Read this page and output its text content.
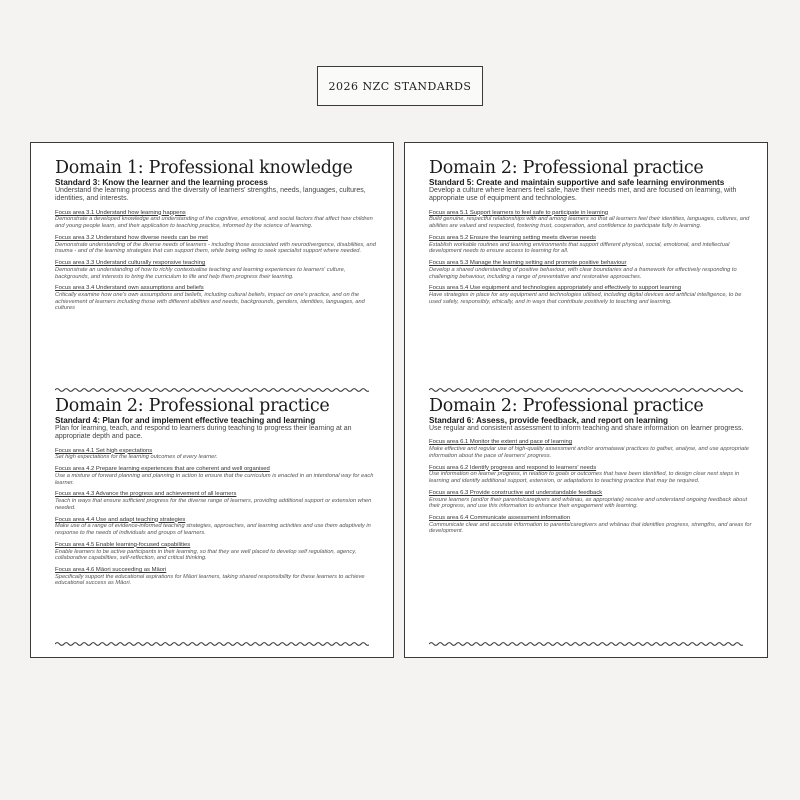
2026 NZC STANDARDS
Domain 1: Professional knowledge
Standard 3: Know the learner and the learning process
Understand the learning process and the diversity of learners' strengths, needs, languages, cultures, identities, and interests.
Focus area 3.1 Understand how learning happens
Demonstrate a developed knowledge and understanding of the cognitive, emotional, and social factors that affect how children and young people learn, and their application to teaching practice, informed by the science of learning.
Focus area 3.2 Understand how diverse needs can be met
Demonstrate understanding of the diverse needs of learners - including those associated with neurodivergence, disabilities, and trauma - and of the learning strategies that can support them, while being willing to seek specialist support where needed.
Focus area 3.3 Understand culturally responsive teaching
Demonstrate an understanding of how to richly contextualise teaching and learning experiences to learners' culture, backgrounds, and interests to bring the curriculum to life and help them progress their learning.
Focus area 3.4 Understand own assumptions and beliefs
Critically examine how one's own assumptions and beliefs, including cultural beliefs, impact on one's practice, and on the achievement of learners including those with different abilities and needs, backgrounds, genders, identities, languages, and cultures
Domain 2: Professional practice
Standard 4: Plan for and implement effective teaching and learning
Plan for learning, teach, and respond to learners during teaching to progress their learning at an appropriate depth and pace.
Focus area 4.1 Set high expectations
Set high expectations for the learning outcomes of every learner.
Focus area 4.2 Prepare learning experiences that are coherent and well organised
Use a mixture of forward planning and planning in action to ensure that the curriculum is enacted in an intentional way for each learner.
Focus area 4.3 Advance the progress and achievement of all learners
Teach in ways that ensure sufficient progress for the diverse range of learners, providing additional support or extension when needed.
Focus area 4.4 Use and adapt teaching strategies
Make use of a range of evidence-informed teaching strategies, approaches, and learning activities and use them adaptively in response to the needs of individuals and groups of learners.
Focus area 4.5 Enable learning-focused capabilities
Enable learners to be active participants in their learning, so that they are well placed to develop self regulation, agency, collaborative capabilities, self-reflection, and critical thinking.
Focus area 4.6 Māori succeeding as Māori
Specifically support the educational aspirations for Māori learners, taking shared responsibility for these learners to achieve educational success as Māori.
Domain 2: Professional practice
Standard 5: Create and maintain supportive and safe learning environments
Develop a culture where learners feel safe, have their needs met, and are focused on learning, with appropriate use of equipment and technologies.
Focus area 5.1 Support learners to feel safe to participate in learning
Build genuine, respectful relationships with and among learners so that all learners feel their identities, languages, cultures, and abilities are valued and respected, fostering trust, cooperation, and confidence to participate fully in learning.
Focus area 5.2 Ensure the learning setting meets diverse needs
Establish workable routines and learning environments that support different physical, social, emotional, and intellectual development needs to ensure access to learning for all.
Focus area 5.3 Manage the learning setting and promote positive behaviour
Develop a shared understanding of positive behaviour, with clear boundaries and a framework for effectively responding to challenging behaviour, including a range of preventative and restorative approaches.
Focus area 5.4 Use equipment and technologies appropriately and effectively to support learning
Have strategies in place for any equipment and technologies utilised, including digital devices and artificial intelligence, to be used safely, responsibly, ethically, and in ways that contribute positively to teaching and learning.
Domain 2: Professional practice
Standard 6: Assess, provide feedback, and report on learning
Use regular and consistent assessment to inform teaching and share information on learner progress.
Focus area 6.1 Monitor the extent and pace of learning
Make effective and regular use of high-quality assessment and/or aromatawai practices to gather, analyse, and use appropriate information about the pace of learners' progress.
Focus area 6.2 Identify progress and respond to learners' needs
Use information on learner progress, in relation to goals or outcomes that have been identified, to design clear next steps in learning and identify additional support, extension, or adaptations to teaching practice that may be required.
Focus area 6.3 Provide constructive and understandable feedback
Ensure learners (and/or their parents/caregivers and whānau, as appropriate) receive and understand ongoing feedback about their progress, and use this information to enhance their engagement with learning.
Focus area 6.4 Communicate assessment information
Communicate clear and accurate information to parents/caregivers and whānau that identifies progress, strengths, and areas for development.
